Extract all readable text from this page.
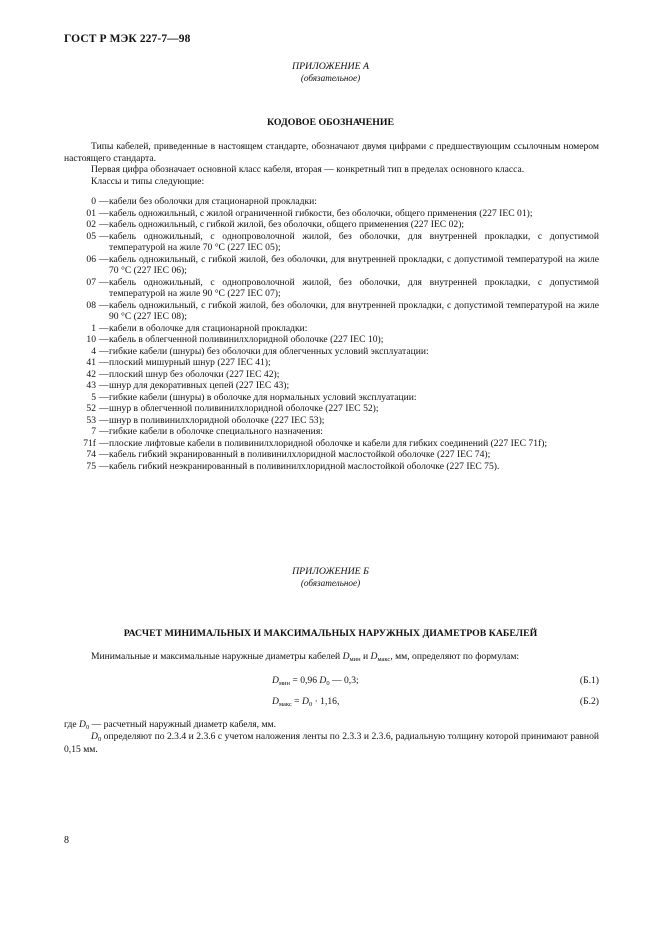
ГОСТ Р МЭК 227-7—98
ПРИЛОЖЕНИЕ А
(обязательное)
КОДОВОЕ ОБОЗНАЧЕНИЕ

Типы кабелей, приведенные в настоящем стандарте, обозначают двумя цифрами с предшествующим ссылочным номером настоящего стандарта.

Первая цифра обозначает основной класс кабеля, вторая — конкретный тип в пределах основного класса.

Классы и типы следующие:

0 — кабели без оболочки для стационарной прокладки:
01 — кабель одножильный, с жилой ограниченной гибкости, без оболочки, общего применения (227 IEC 01);
02 — кабель одножильный, с гибкой жилой, без оболочки, общего применения (227 IEC 02);
05 — кабель одножильный, с однопроволочной жилой, без оболочки, для внутренней прокладки, с допустимой температурой на жиле 70 °С (227 IEC 05);
06 — кабель одножильный, с гибкой жилой, без оболочки, для внутренней прокладки, с допустимой температурой на жиле 70 °С (227 IEC 06);
07 — кабель одножильный, с однопроволочной жилой, без оболочки, для внутренней прокладки, с допустимой температурой на жиле 90 °С (227 IEC 07);
08 — кабель одножильный, с гибкой жилой, без оболочки, для внутренней прокладки, с допустимой температурой на жиле 90 °С (227 IEC 08);
1 — кабели в оболочке для стационарной прокладки:
10 — кабель в облегченной поливинилхлоридной оболочке (227 IEC 10);
4 — гибкие кабели (шнуры) без оболочки для облегченных условий эксплуатации:
41 — плоский мишурный шнур (227 IEC 41);
42 — плоский шнур без оболочки (227 IEC 42);
43 — шнур для декоративных цепей (227 IEC 43);
5 — гибкие кабели (шнуры) в оболочке для нормальных условий эксплуатации:
52 — шнур в облегченной поливинилхлоридной оболочке (227 IEC 52);
53 — шнур в поливинилхлоридной оболочке (227 IEC 53);
7 — гибкие кабели в оболочке специального назначения:
71f — плоские лифтовые кабели в поливинилхлоридной оболочке и кабели для гибких соединений (227 IEC 71f);
74 — кабель гибкий экранированный в поливинилхлоридной маслостойкой оболочке (227 IEC 74);
75 — кабель гибкий неэкранированный в поливинилхлоридной маслостойкой оболочке (227 IEC 75).
ПРИЛОЖЕНИЕ Б
(обязательное)
РАСЧЕТ МИНИМАЛЬНЫХ И МАКСИМАЛЬНЫХ НАРУЖНЫХ ДИАМЕТРОВ КАБЕЛЕЙ

Минимальные и максимальные наружные диаметры кабелей $D_{мин}$ и $D_{макс}$, мм, определяют по формулам:

$D_{мин} = 0,96$ $D_0$ — 0,3;	(Б.1)
$D_{макс} = D_0 \cdot 1,16$,	(Б.2)

где $D_0$ — расчетный наружный диаметр кабеля, мм.

$D_0$ определяют по 2.3.4 и 2.3.6 с учетом наложения ленты по 2.3.3 и 2.3.6, радиальную толщину которой принимают равной 0,15 мм.

8
